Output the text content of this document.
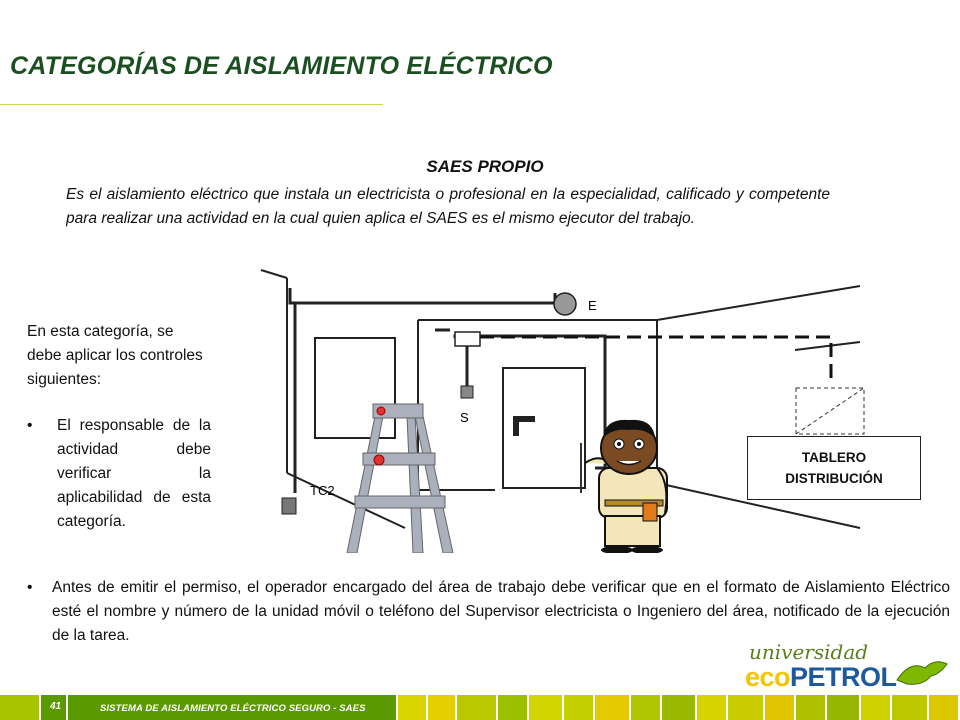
CATEGORÍAS DE AISLAMIENTO ELÉCTRICO
SAES PROPIO
Es el aislamiento eléctrico que instala un electricista o profesional en la especialidad, calificado y competente para realizar una actividad en la cual quien aplica el SAES es el mismo ejecutor del trabajo.

En esta categoría, se debe aplicar los controles siguientes:

• El responsable de la actividad debe verificar la aplicabilidad de esta categoría.
S
E
TC2
TABLERO
DISTRIBUCIÓN
• Antes de emitir el permiso, el operador encargado del área de trabajo debe verificar que en el formato de Aislamiento Eléctrico esté el nombre y número de la unidad móvil o teléfono del Supervisor electricista o Ingeniero del área, notificado de la ejecución de la tarea.
universidad
ecoPETROL
41	SISTEMA DE AISLAMIENTO ELÉCTRICO SEGURO - SAES
